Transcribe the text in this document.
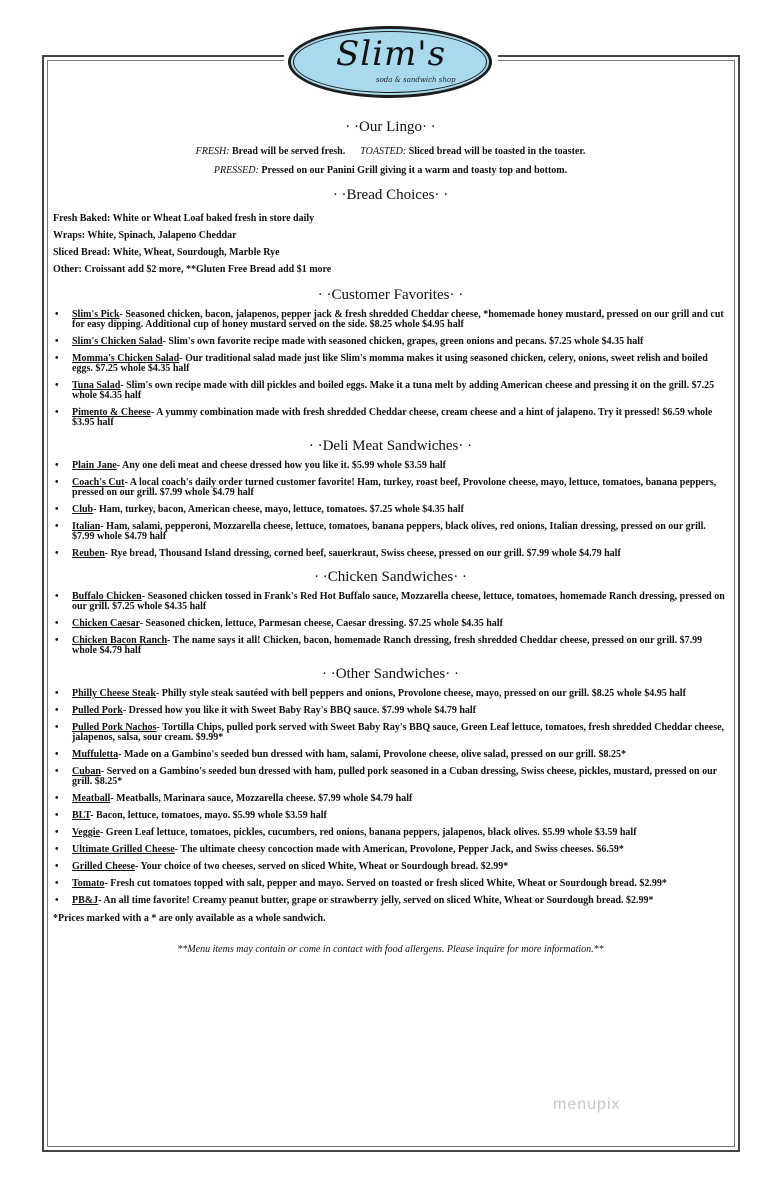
Slim's
soda & sandwich shop
· ·Our Lingo· ·
FRESH: Bread will be served fresh. TOASTED: Sliced bread will be toasted in the toaster.
PRESSED: Pressed on our Panini Grill giving it a warm and toasty top and bottom.
· ·Bread Choices· ·
Fresh Baked: White or Wheat Loaf baked fresh in store daily
Wraps: White, Spinach, Jalapeno Cheddar
Sliced Bread: White, Wheat, Sourdough, Marble Rye
Other: Croissant add $2 more, **Gluten Free Bread add $1 more
· ·Customer Favorites· ·
• Slim's Pick- Seasoned chicken, bacon, jalapenos, pepper jack & fresh shredded Cheddar cheese, *homemade honey mustard, pressed on our grill and cut for easy dipping. Additional cup of honey mustard served on the side. $8.25 whole $4.95 half
• Slim's Chicken Salad- Slim's own favorite recipe made with seasoned chicken, grapes, green onions and pecans. $7.25 whole $4.35 half
• Momma's Chicken Salad- Our traditional salad made just like Slim's momma makes it using seasoned chicken, celery, onions, sweet relish and boiled eggs. $7.25 whole $4.35 half
• Tuna Salad- Slim's own recipe made with dill pickles and boiled eggs. Make it a tuna melt by adding American cheese and pressing it on the grill. $7.25 whole $4.35 half
• Pimento & Cheese- A yummy combination made with fresh shredded Cheddar cheese, cream cheese and a hint of jalapeno. Try it pressed! $6.59 whole $3.95 half
· ·Deli Meat Sandwiches· ·
• Plain Jane- Any one deli meat and cheese dressed how you like it. $5.99 whole $3.59 half
• Coach's Cut- A local coach's daily order turned customer favorite! Ham, turkey, roast beef, Provolone cheese, mayo, lettuce, tomatoes, banana peppers, pressed on our grill. $7.99 whole $4.79 half
• Club- Ham, turkey, bacon, American cheese, mayo, lettuce, tomatoes. $7.25 whole $4.35 half
• Italian- Ham, salami, pepperoni, Mozzarella cheese, lettuce, tomatoes, banana peppers, black olives, red onions, Italian dressing, pressed on our grill. $7.99 whole $4.79 half
• Reuben- Rye bread, Thousand Island dressing, corned beef, sauerkraut, Swiss cheese, pressed on our grill. $7.99 whole $4.79 half
· ·Chicken Sandwiches· ·
• Buffalo Chicken- Seasoned chicken tossed in Frank's Red Hot Buffalo sauce, Mozzarella cheese, lettuce, tomatoes, homemade Ranch dressing, pressed on our grill. $7.25 whole $4.35 half
• Chicken Caesar- Seasoned chicken, lettuce, Parmesan cheese, Caesar dressing. $7.25 whole $4.35 half
• Chicken Bacon Ranch- The name says it all! Chicken, bacon, homemade Ranch dressing, fresh shredded Cheddar cheese, pressed on our grill. $7.99 whole $4.79 half
· ·Other Sandwiches· ·
• Philly Cheese Steak- Philly style steak sautéed with bell peppers and onions, Provolone cheese, mayo, pressed on our grill. $8.25 whole $4.95 half
• Pulled Pork- Dressed how you like it with Sweet Baby Ray's BBQ sauce. $7.99 whole $4.79 half
• Pulled Pork Nachos- Tortilla Chips, pulled pork served with Sweet Baby Ray's BBQ sauce, Green Leaf lettuce, tomatoes, fresh shredded Cheddar cheese, jalapenos, salsa, sour cream. $9.99*
• Muffuletta- Made on a Gambino's seeded bun dressed with ham, salami, Provolone cheese, olive salad, pressed on our grill. $8.25*
• Cuban- Served on a Gambino's seeded bun dressed with ham, pulled pork seasoned in a Cuban dressing, Swiss cheese, pickles, mustard, pressed on our grill. $8.25*
• Meatball- Meatballs, Marinara sauce, Mozzarella cheese. $7.99 whole $4.79 half
• BLT- Bacon, lettuce, tomatoes, mayo. $5.99 whole $3.59 half
• Veggie- Green Leaf lettuce, tomatoes, pickles, cucumbers, red onions, banana peppers, jalapenos, black olives. $5.99 whole $3.59 half
• Ultimate Grilled Cheese- The ultimate cheesy concoction made with American, Provolone, Pepper Jack, and Swiss cheeses. $6.59*
• Grilled Cheese- Your choice of two cheeses, served on sliced White, Wheat or Sourdough bread. $2.99*
• Tomato- Fresh cut tomatoes topped with salt, pepper and mayo. Served on toasted or fresh sliced White, Wheat or Sourdough bread. $2.99*
• PB&J- An all time favorite! Creamy peanut butter, grape or strawberry jelly, served on sliced White, Wheat or Sourdough bread. $2.99*
*Prices marked with a * are only available as a whole sandwich.
**Menu items may contain or come in contact with food allergens. Please inquire for more information.**
menupix
